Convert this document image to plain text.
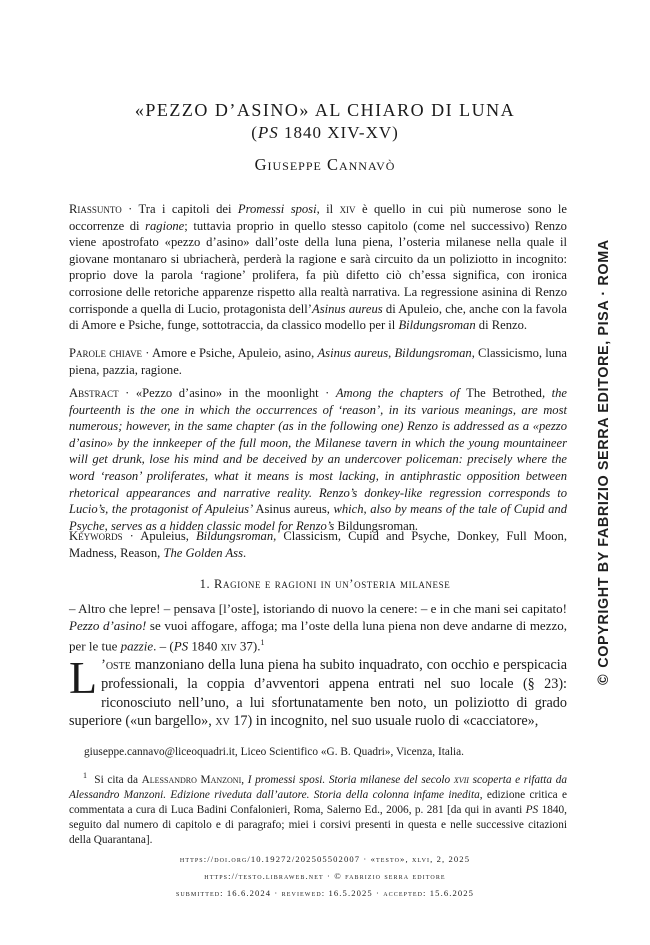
«PEZZO D’ASINO» AL CHIARO DI LUNA
(PS 1840 XIV-XV)
Giuseppe Cannavò
Riassunto · Tra i capitoli dei Promessi sposi, il xiv è quello in cui più numerose sono le occorrenze di ragione; tuttavia proprio in quello stesso capitolo (come nel successivo) Renzo viene apostrofato «pezzo d’asino» dall’oste della luna piena, l’osteria milanese nella quale il giovane montanaro si ubriacherà, perderà la ragione e sarà circuito da un poliziotto in incognito: proprio dove la parola ‘ragione’ prolifera, fa più difetto ciò ch’essa significa, con ironica corrosione delle retoriche apparenze rispetto alla realtà narrativa. La regressione asinina di Renzo corrisponde a quella di Lucio, protagonista dell’Asinus aureus di Apuleio, che, anche con la favola di Amore e Psiche, funge, sottotraccia, da classico modello per il Bildungsroman di Renzo.
Parole chiave · Amore e Psiche, Apuleio, asino, Asinus aureus, Bildungsroman, Classicismo, luna piena, pazzia, ragione.
Abstract · «Pezzo d’asino» in the moonlight · Among the chapters of The Betrothed, the fourteenth is the one in which the occurrences of ‘reason’, in its various meanings, are most numerous; however, in the same chapter (as in the following one) Renzo is addressed as a «pezzo d’asino» by the innkeeper of the full moon, the Milanese tavern in which the young mountaineer will get drunk, lose his mind and be deceived by an undercover policeman: precisely where the word ‘reason’ proliferates, what it means is most lacking, in antiphrastic opposition between rhetorical appearances and narrative reality. Renzo’s donkey-like regression corresponds to Lucio’s, the protagonist of Apuleius’ Asinus aureus, which, also by means of the tale of Cupid and Psyche, serves as a hidden classic model for Renzo’s Bildungsroman.
Keywords · Apuleius, Bildungsroman, Classicism, Cupid and Psyche, Donkey, Full Moon, Madness, Reason, The Golden Ass.
1. Ragione e ragioni in un’osteria milanese
– Altro che lepre! – pensava [l’oste], istoriando di nuovo la cenere: – e in che mani sei capitato! Pezzo d’asino! se vuoi affogare, affoga; ma l’oste della luna piena non deve andarne di mezzo, per le tue pazzie. – (PS 1840 xiv 37).$^1$
L ’oste manzoniano della luna piena ha subito inquadrato, con occhio e perspicacia professionali, la coppia d’avventori appena entrati nel suo locale (§ 23): riconosciuto nell’uno, a lui sfortunatamente ben noto, un poliziotto di grado superiore («un bargello», xv 17) in incognito, nel suo usuale ruolo di «cacciatore»,
giuseppe.cannavo@liceoquadri.it, Liceo Scientifico «G. B. Quadri», Vicenza, Italia.
$^1$ Si cita da Alessandro Manzoni, I promessi sposi. Storia milanese del secolo xvii scoperta e rifatta da Alessandro Manzoni. Edizione riveduta dall’autore. Storia della colonna infame inedita, edizione critica e commentata a cura di Luca Badini Confalonieri, Roma, Salerno Ed., 2006, p. 281 [da qui in avanti PS 1840, seguito dal numero di capitolo e di paragrafo; miei i corsivi presenti in questa e nelle successive citazioni della Quarantana].
https://doi.org/10.19272/202505502007 · «testo», xlvi, 2, 2025
https://testo.libraweb.net · © fabrizio serra editore
submitted: 16.6.2024 · reviewed: 16.5.2025 · accepted: 15.6.2025
©COPYRIGHT BY FABRIZIO SERRA EDITORE, PISA · ROMA
